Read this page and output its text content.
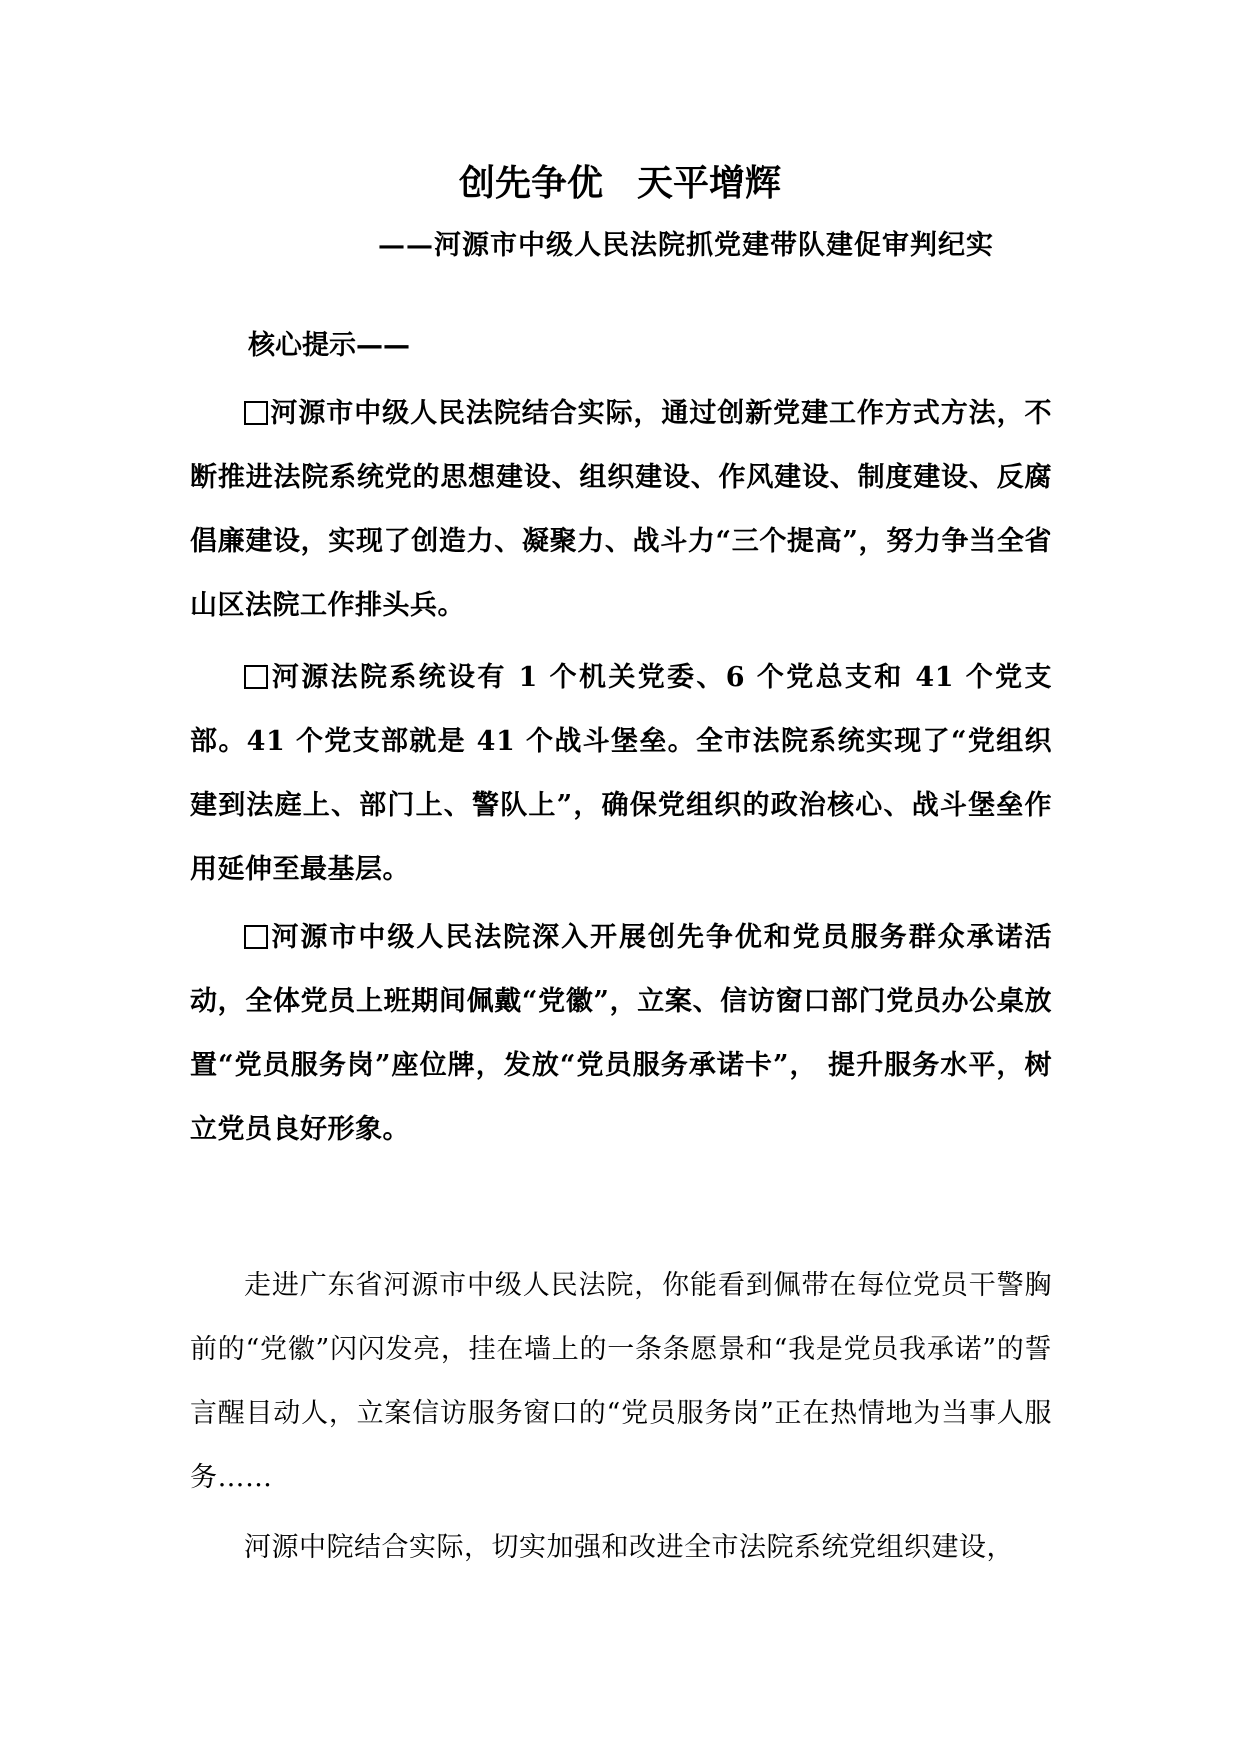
创先争优 天平增辉

——河源市中级人民法院抓党建带队建促审判纪实

核心提示——

河源市中级人民法院结合实际，通过创新党建工作方式方法，不断推进法院系统党的思想建设、组织建设、作风建设、制度建设、反腐倡廉建设，实现了创造力、凝聚力、战斗力“三个提高”，努力争当全省山区法院工作排头兵。

河源法院系统设有 1 个机关党委、6 个党总支和 41 个党支部。41 个党支部就是 41 个战斗堡垒。全市法院系统实现了“党组织建到法庭上、部门上、警队上”，确保党组织的政治核心、战斗堡垒作用延伸至最基层。

河源市中级人民法院深入开展创先争优和党员服务群众承诺活动，全体党员上班期间佩戴“党徽”，立案、信访窗口部门党员办公桌放置“党员服务岗”座位牌，发放“党员服务承诺卡”， 提升服务水平，树立党员良好形象。

走进广东省河源市中级人民法院，你能看到佩带在每位党员干警胸前的“党徽”闪闪发亮，挂在墙上的一条条愿景和“我是党员我承诺”的誓言醒目动人，立案信访服务窗口的“党员服务岗”正在热情地为当事人服务……

河源中院结合实际，切实加强和改进全市法院系统党组织建设，
